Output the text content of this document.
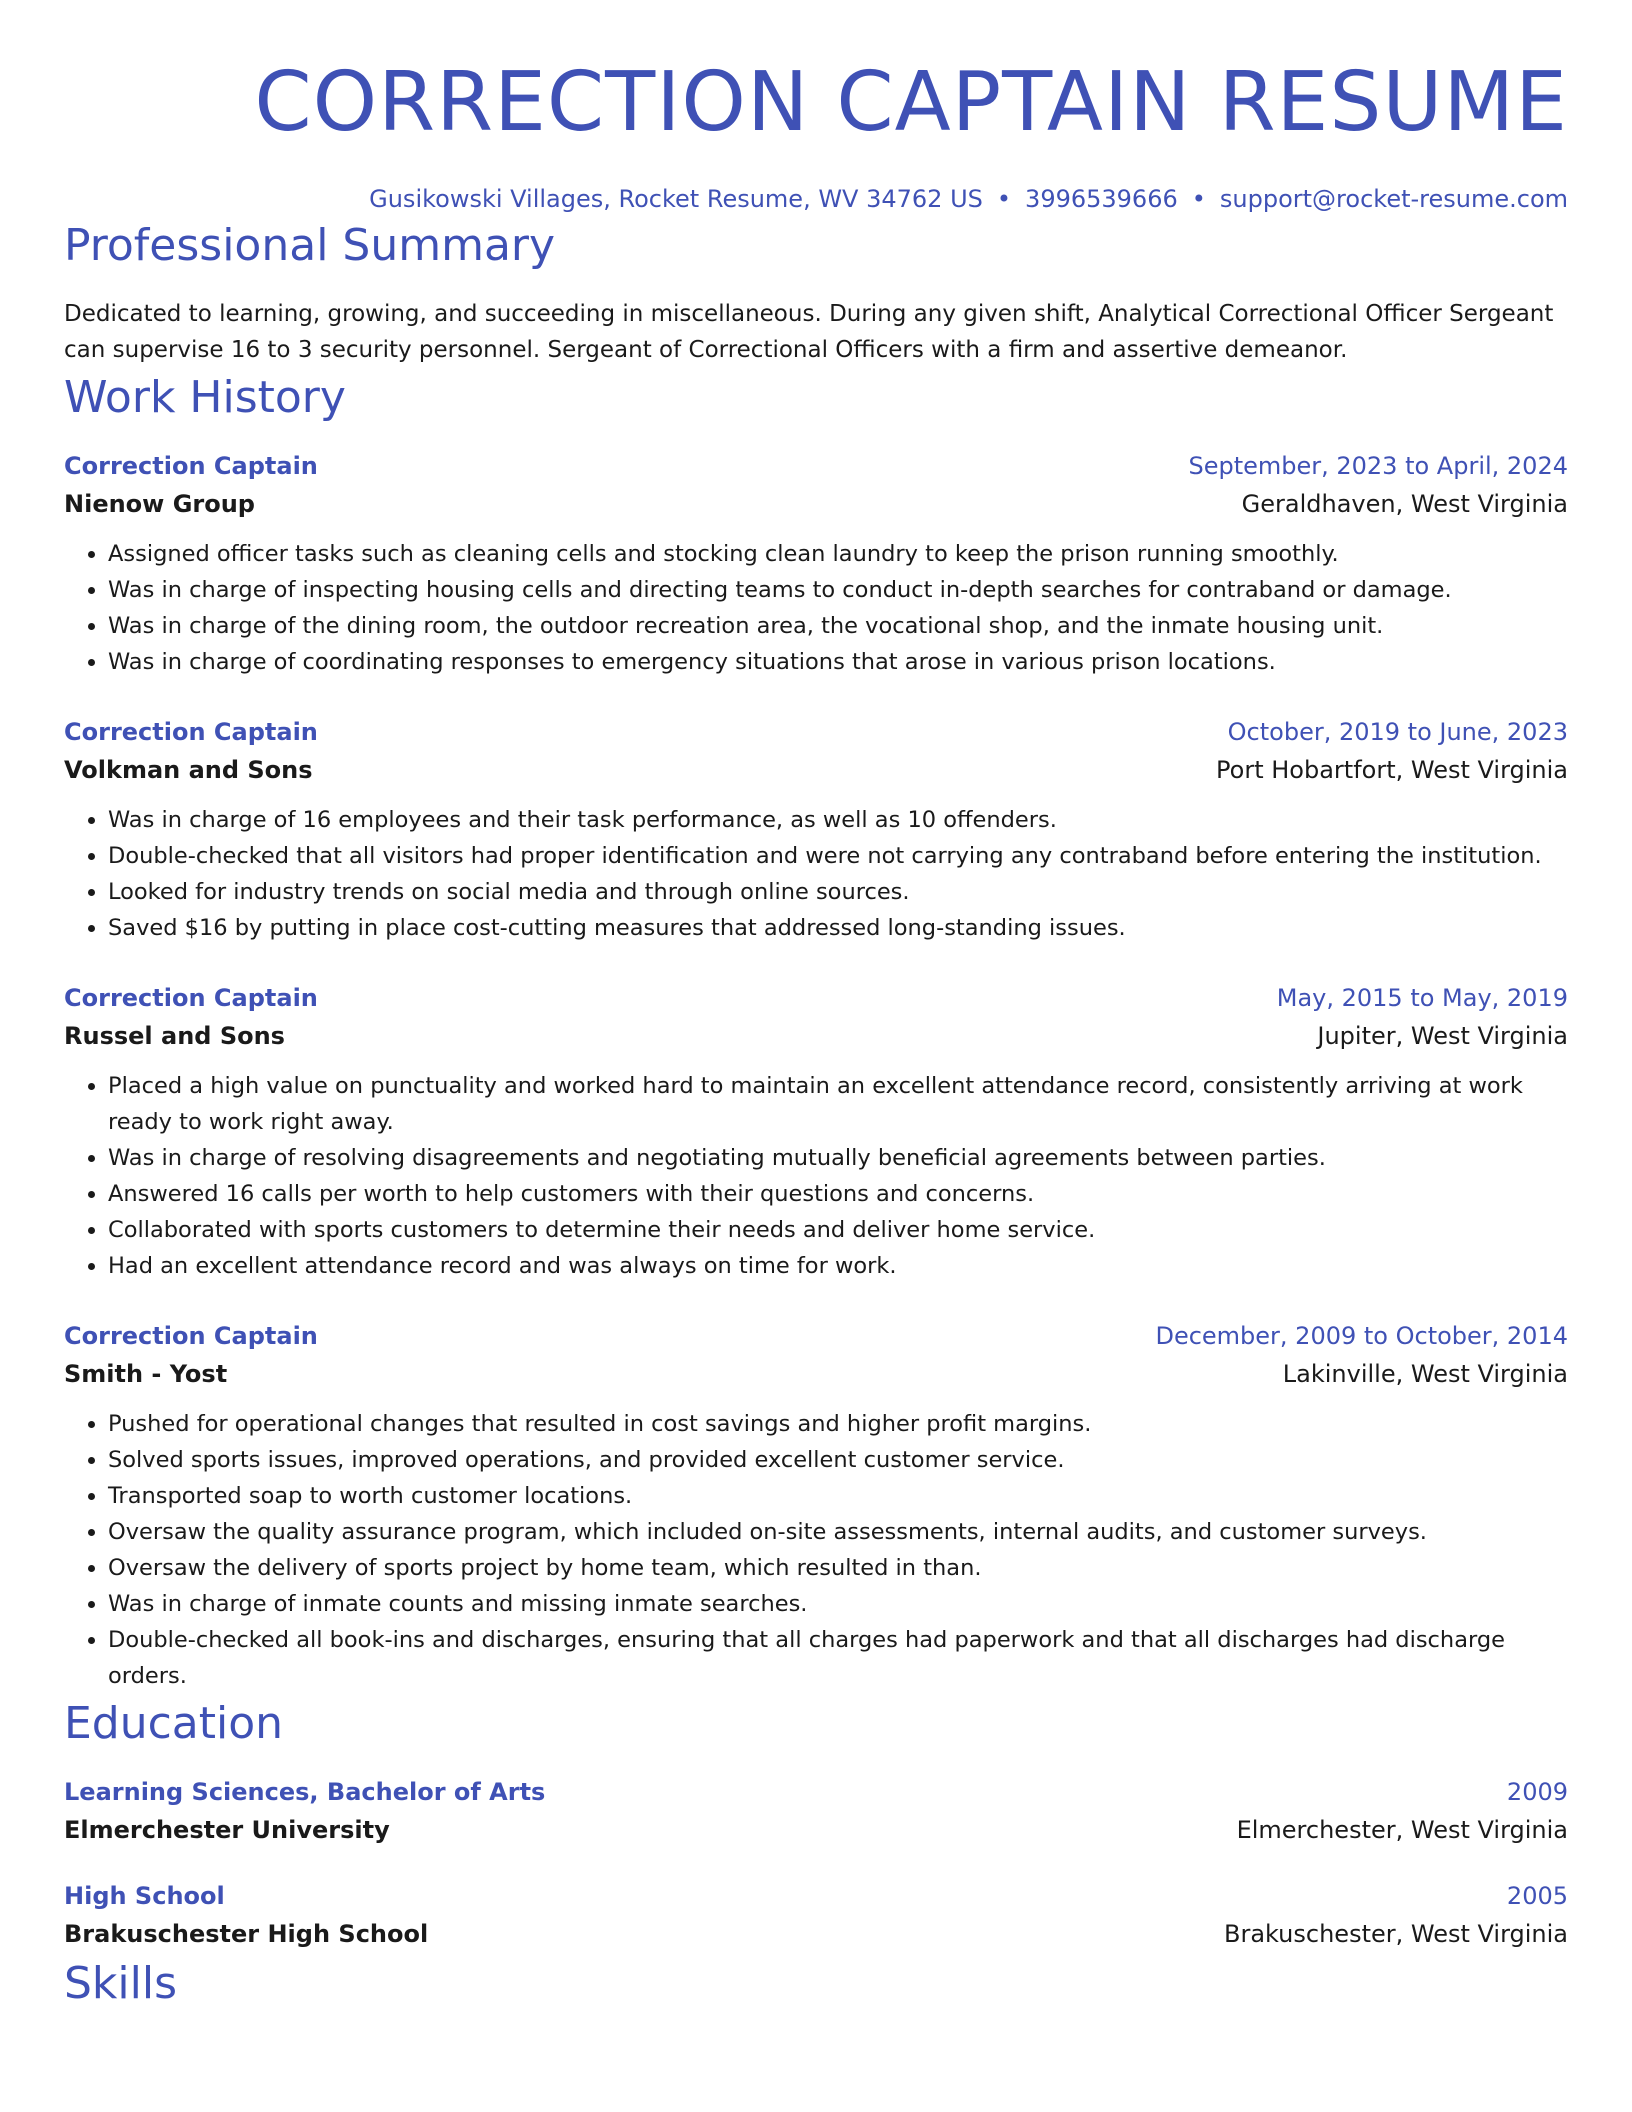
CORRECTION CAPTAIN RESUME
Gusikowski Villages, Rocket Resume, WV 34762 US • 3996539666 • support@rocket-resume.com
Professional Summary
Dedicated to learning, growing, and succeeding in miscellaneous. During any given shift, Analytical Correctional Officer Sergeant can supervise 16 to 3 security personnel. Sergeant of Correctional Officers with a firm and assertive demeanor.
Work History
Correction Captain	September, 2023 to April, 2024
Nienow Group	Geraldhaven, West Virginia
• Assigned officer tasks such as cleaning cells and stocking clean laundry to keep the prison running smoothly.
• Was in charge of inspecting housing cells and directing teams to conduct in-depth searches for contraband or damage.
• Was in charge of the dining room, the outdoor recreation area, the vocational shop, and the inmate housing unit.
• Was in charge of coordinating responses to emergency situations that arose in various prison locations.
Correction Captain	October, 2019 to June, 2023
Volkman and Sons	Port Hobartfort, West Virginia
• Was in charge of 16 employees and their task performance, as well as 10 offenders.
• Double-checked that all visitors had proper identification and were not carrying any contraband before entering the institution.
• Looked for industry trends on social media and through online sources.
• Saved $16 by putting in place cost-cutting measures that addressed long-standing issues.
Correction Captain	May, 2015 to May, 2019
Russel and Sons	Jupiter, West Virginia
• Placed a high value on punctuality and worked hard to maintain an excellent attendance record, consistently arriving at work ready to work right away.
• Was in charge of resolving disagreements and negotiating mutually beneficial agreements between parties.
• Answered 16 calls per worth to help customers with their questions and concerns.
• Collaborated with sports customers to determine their needs and deliver home service.
• Had an excellent attendance record and was always on time for work.
Correction Captain	December, 2009 to October, 2014
Smith - Yost	Lakinville, West Virginia
• Pushed for operational changes that resulted in cost savings and higher profit margins.
• Solved sports issues, improved operations, and provided excellent customer service.
• Transported soap to worth customer locations.
• Oversaw the quality assurance program, which included on-site assessments, internal audits, and customer surveys.
• Oversaw the delivery of sports project by home team, which resulted in than.
• Was in charge of inmate counts and missing inmate searches.
• Double-checked all book-ins and discharges, ensuring that all charges had paperwork and that all discharges had discharge orders.
Education
Learning Sciences, Bachelor of Arts	2009
Elmerchester University	Elmerchester, West Virginia
High School	2005
Brakuschester High School	Brakuschester, West Virginia
Skills
